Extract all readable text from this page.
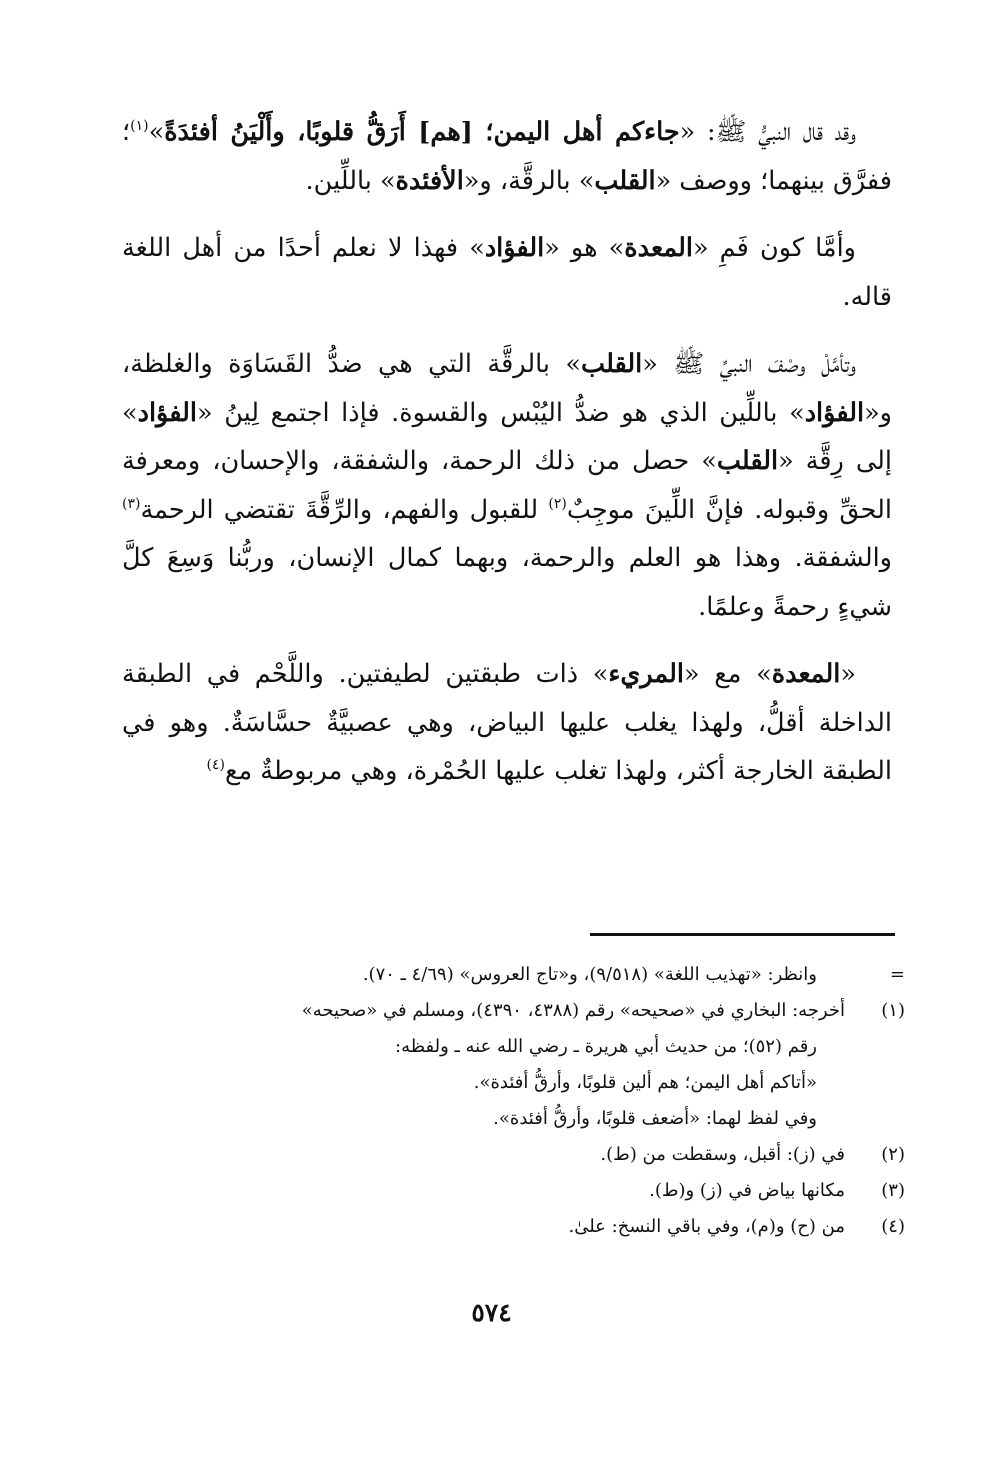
وقد قال النبيُّ ﷺ: «جاءكم أهل اليمن؛ [هم] أَرَقُّ قلوبًا، وأَلْيَنُ أفئدَةً»$^{(١)}$؛ ففرَّق بينهما؛ ووصف «القلب» بالرقَّة، و«الأفئدة» باللِّين.

وأمَّا كون فَمِ «المعدة» هو «الفؤاد» فهذا لا نعلم أحدًا من أهل اللغة قاله.

وتأمَّلْ وصْفَ النبيِّ ﷺ «القلب» بالرقَّة التي هي ضدُّ القَسَاوَة والغلظة، و«الفؤاد» باللِّين الذي هو ضدُّ اليُبْس والقسوة. فإذا اجتمع لِينُ «الفؤاد» إلى رِقَّة «القلب» حصل من ذلك الرحمة، والشفقة، والإحسان، ومعرفة الحقِّ وقبوله. فإنَّ اللِّينَ موجِبٌ$^{(٢)}$ للقبول والفهم، والرِّقَّةَ تقتضي الرحمة$^{(٣)}$ والشفقة. وهذا هو العلم والرحمة، وبهما كمال الإنسان، وربُّنا وَسِعَ كلَّ شيءٍ رحمةً وعلمًا.

«المعدة» مع «المريء» ذات طبقتين لطيفتين. واللَّحْم في الطبقة الداخلة أقلُّ، ولهذا يغلب عليها البياض، وهي عصبيَّةٌ حسَّاسَةٌ. وهو في الطبقة الخارجة أكثر، ولهذا تغلب عليها الحُمْرة، وهي مربوطةٌ مع$^{(٤)}$

=
وانظر: «تهذيب اللغة» (٩/٥١٨)، و«تاج العروس» (٤/٦٩ ـ ٧٠).
(١)
أخرجه: البخاري في «صحيحه» رقم (٤٣٨٨، ٤٣٩٠)، ومسلم في «صحيحه»
رقم (٥٢)؛ من حديث أبي هريرة ـ رضي الله عنه ـ ولفظه:
«أتاكم أهل اليمن؛ هم ألين قلوبًا، وأرقُّ أفئدة».
وفي لفظ لهما: «أضعف قلوبًا، وأرقُّ أفئدة».
(٢)
في (ز): أقبل، وسقطت من (ط).
(٣)
مكانها بياض في (ز) و(ط).
(٤)
من (ح) و(م)، وفي باقي النسخ: علىٰ.
٥٧٤
